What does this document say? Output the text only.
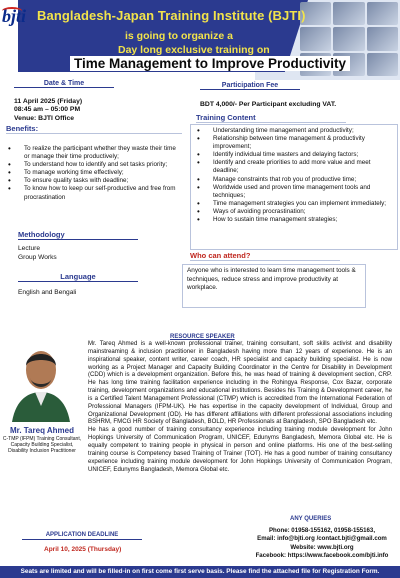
bjti Bangladesh-Japan Training Institute (BJTI)
is going to organize a
Day long exclusive training on
Time Management to Improve Productivity
Date & Time
11 April 2025 (Friday)
08:45 am – 05:00 PM
Venue: BJTI Office
Participation Fee
BDT 4,000/- Per Participant excluding VAT.
Benefits:
• To realize the participant whether they waste their time or manage their time productively;
• To understand how to identify and set tasks priority;
• To manage working time effectively;
• To ensure quality tasks with deadline;
• To know how to keep our self-productive and free from procrastination
Training Content
• Understanding time management and productivity;
• Relationship between time management & productivity improvement;
• Identify individual time wasters and delaying factors;
• Identify and create priorities to add more value and meet deadline;
• Manage constraints that rob you of productive time;
• Worldwide used and proven time management tools and techniques;
• Time management strategies you can implement immediately;
• Ways of avoiding procrastination;
• How to sustain time management strategies;
Methodology
Lecture
Group Works
Language
English and Bengali
Who can attend?
Anyone who is interested to learn time management tools & techniques, reduce stress and improve productivity at workplace.
RESOURCE SPEAKER
Mr. Tareq Ahmed
C-TMP (IFPM) Training Consultant, Capacity Building Specialist, Disability Inclusion Practitioner
Mr. Tareq Ahmed is a well-known professional trainer, training consultant, soft skills activist and disability mainstreaming & inclusion practitioner in Bangladesh having more than 12 years of experience. He is an inspirational speaker, content writer, career coach, HR specialist and capacity building specialist. He is now working as a Project Manager and Capacity Building Coordinator in the Centre for Disability in Development (CDD) which is a development organization. Before this, he was head of training & development section, CRP. He has long time training facilitation experience including in the Rohingya Response, Cox Bazar, corporate training, development organizations and educational institutions. Besides his Training & Development career, he is a Certified Talent Management Professional (CTMP) which is accredited from the International Federation of Professional Managers (IFPM-UK). He has expertise in the capacity development of Individual, Group and Organizational Development (OD). He has different affiliations with different professional associations including BSHRM, FMCG HR Society of Bangladesh, BOLD, HR Professionals at Bangladesh, SPO Bangladesh etc.
He has a good number of training consultancy experience including training module development for John Hopkings University of Communication Program, UNICEF, Edunyms Bangladesh, Memora Global etc. He is equally competent to training people in physical in person and online platforms. His one of the best-selling training course is Competency based Training of Trainer (TOT). He has a good number of training consultancy experience including training module development for John Hopkings University of Communication Program, UNICEF, Edunyms Bangladesh, Memora Global etc.
APPLICATION DEADLINE
April 10, 2025 (Thursday)
ANY QUERIES
Phone: 01958-155162, 01958-155163,
Email: info@bjti.org /contact.bjti@gmail.com
Website: www.bjti.org
Facebook: https://www.facebook.com/bjti.info
Seats are limited and will be filled-in on first come first serve basis. Please find the attached file for Registration Form.
